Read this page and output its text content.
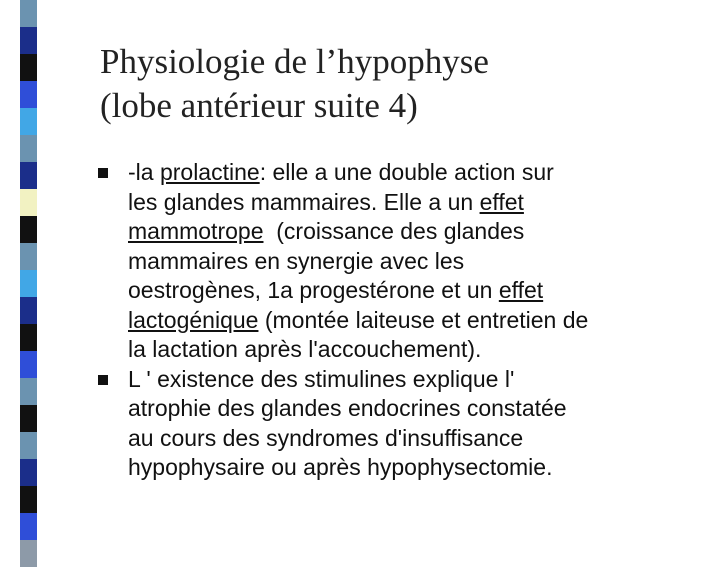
Physiologie de l’hypophyse
(lobe antérieur suite 4)
-la prolactine: elle a une double action sur
les glandes mammaires. Elle a un effet
mammotrope  (croissance des glandes
mammaires en synergie avec les
oestrogènes, 1a progestérone et un effet
lactogénique (montée laiteuse et entretien de
la lactation après l'accouchement).
L ' existence des stimulines explique l'
atrophie des glandes endocrines constatée
au cours des syndromes d'insuffisance
hypophysaire ou après hypophysectomie.
